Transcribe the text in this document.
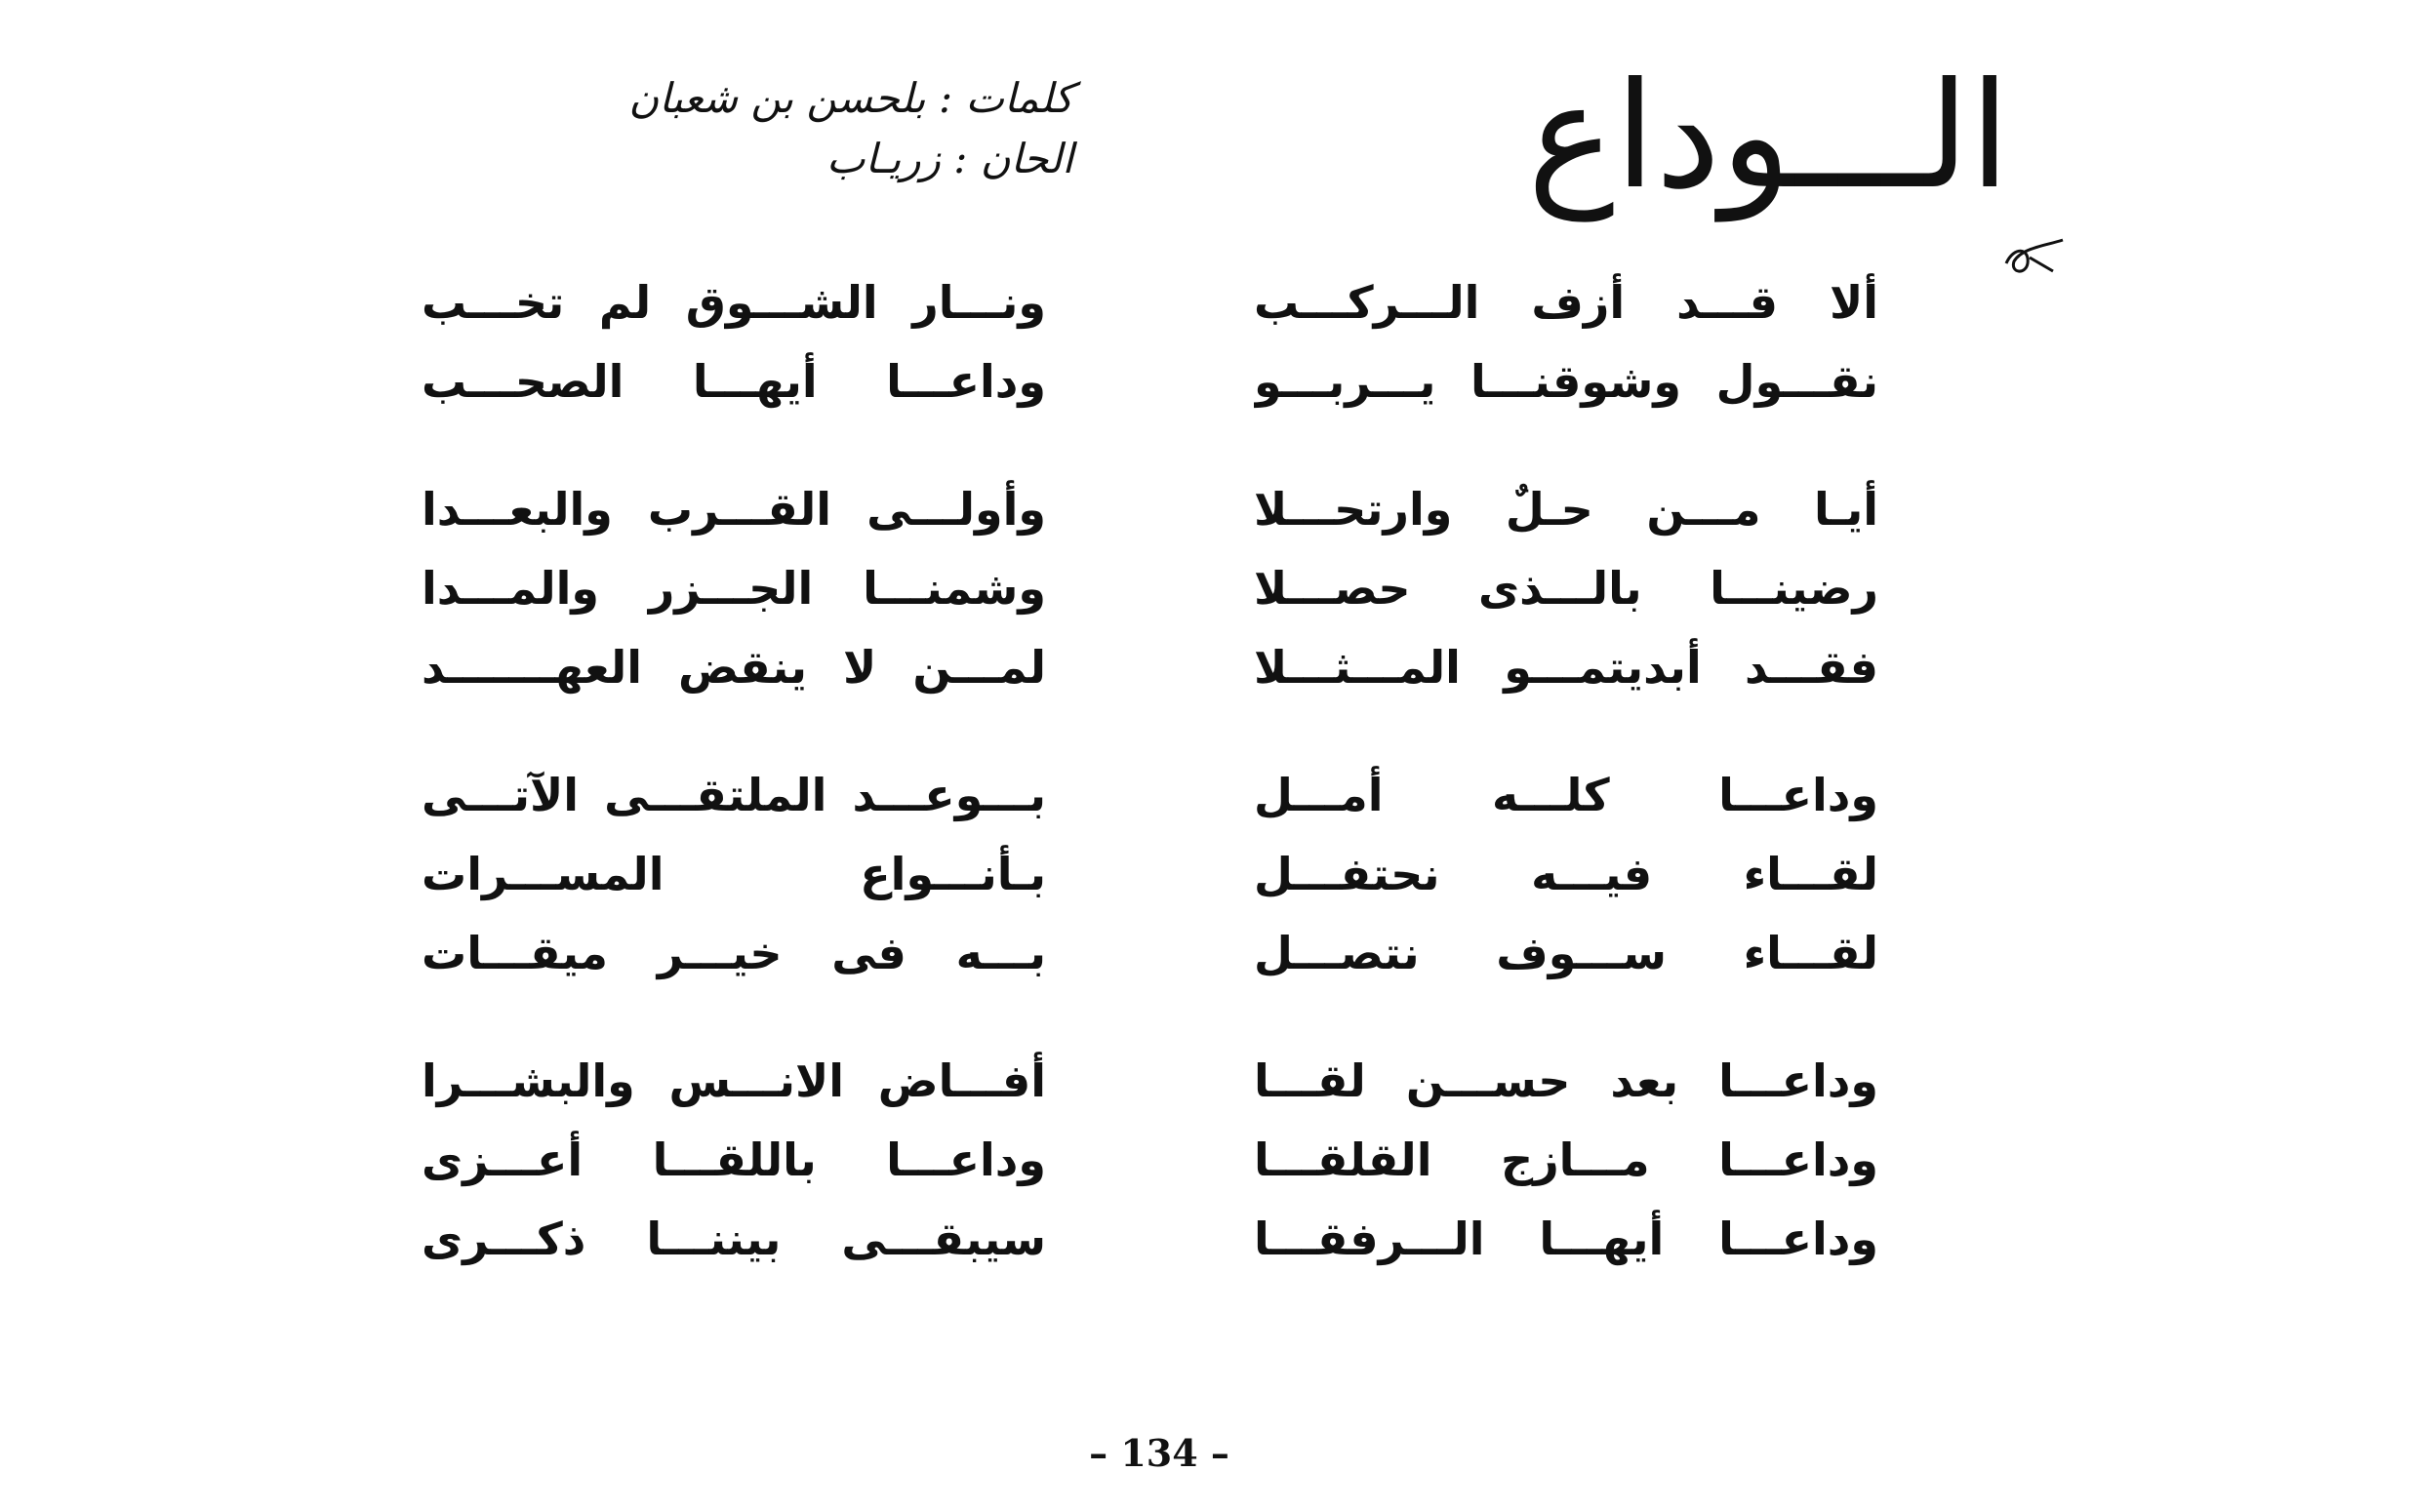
الـــوداع
كلمات : بلحسن بن شعبان
الحان : زريـاب
ألا قـــد أزف الـــركـــب
ونـــار الشـــوق لم تخـــب
نقـــول وشوقنـــا يـــربـــو
وداعـــا أيهـــا الصحـــب
أيـا مـــن حـلٌ وارتحـــلا
وأولـــى القـــرب والبعـــدا
رضينـــا بالـــذى حصـــلا
وشمنـــا الجـــزر والمـــدا
فقـــد أبديتمـــو المـــثـــلا
لمـــن لا ينقض العهـــــــد
وداعـــا كلـــه أمـــل
بـــوعـــد الملتقـــى الآتـــى
لقـــاء فيـــه نحتفـــل
بـأنـــواع المســـرات
لقـــاء ســـوف نتصـــل
بـــه فى خيـــر ميقـــات
وداعـــا بعد حســـن لقـــا
أفـــاض الانـــس والبشـــرا
وداعـــا مـــازج القلقـــا
وداعـــا باللقـــا أعـــزى
وداعـــا أيهـــا الـــرفقـــا
سيبقـــى بيننـــا ذكـــرى
– 134 –
